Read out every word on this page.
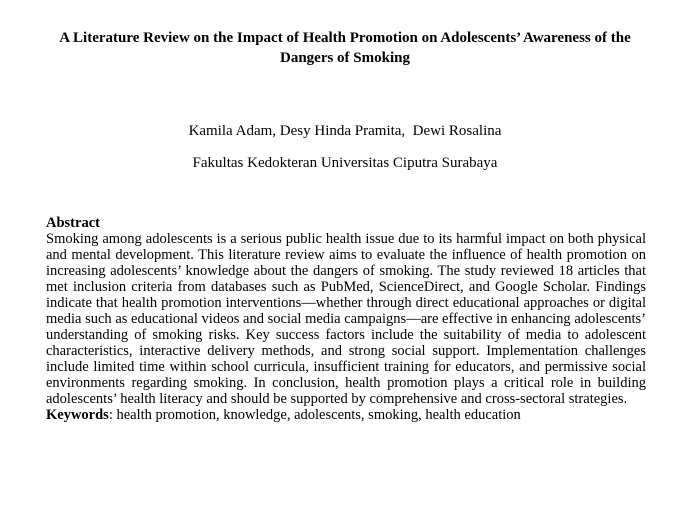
A Literature Review on the Impact of Health Promotion on Adolescents’ Awareness of the Dangers of Smoking

Kamila Adam, Desy Hinda Pramita,  Dewi Rosalina

Fakultas Kedokteran Universitas Ciputra Surabaya

Abstract
Smoking among adolescents is a serious public health issue due to its harmful impact on both physical and mental development. This literature review aims to evaluate the influence of health promotion on increasing adolescents’ knowledge about the dangers of smoking. The study reviewed 18 articles that met inclusion criteria from databases such as PubMed, ScienceDirect, and Google Scholar. Findings indicate that health promotion interventions—whether through direct educational approaches or digital media such as educational videos and social media campaigns—are effective in enhancing adolescents’ understanding of smoking risks. Key success factors include the suitability of media to adolescent characteristics, interactive delivery methods, and strong social support. Implementation challenges include limited time within school curricula, insufficient training for educators, and permissive social environments regarding smoking. In conclusion, health promotion plays a critical role in building adolescents’ health literacy and should be supported by comprehensive and cross-sectoral strategies.
Keywords: health promotion, knowledge, adolescents, smoking, health education
